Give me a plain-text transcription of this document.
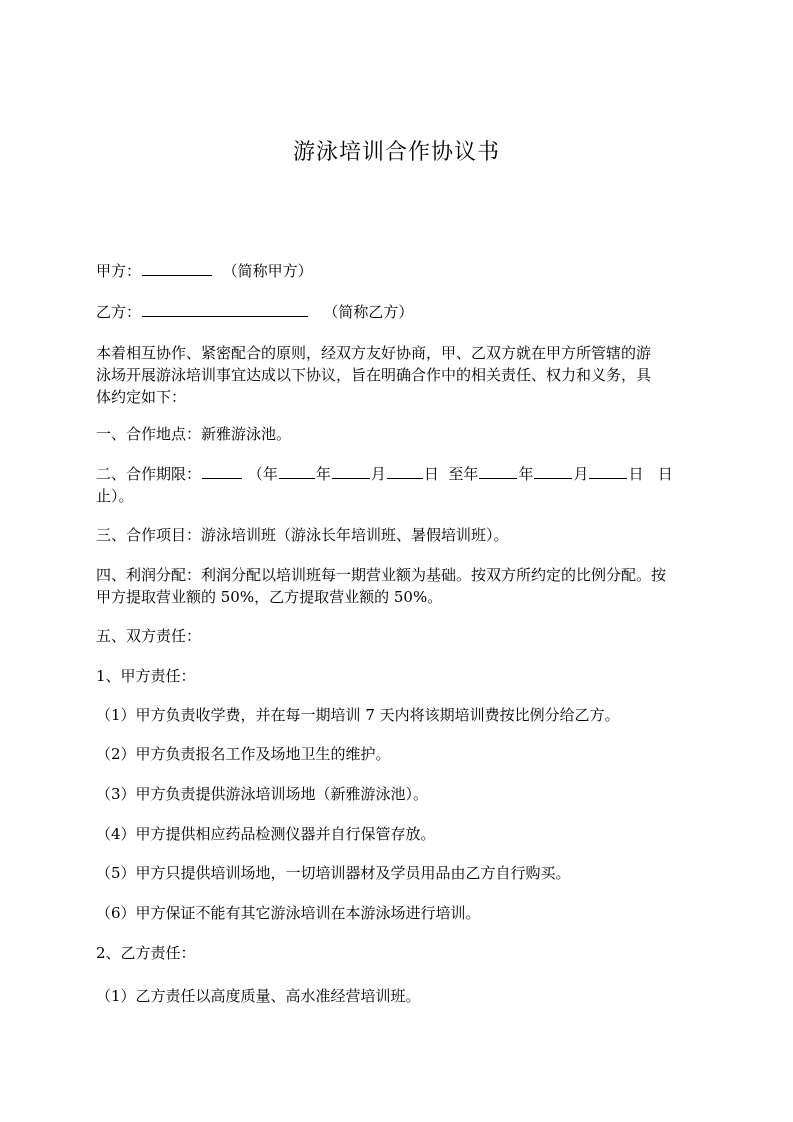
游泳培训合作协议书
甲方：	（简称甲方）
乙方：	（简称乙方）
本着相互协作、紧密配合的原则，经双方友好协商，甲、乙双方就在甲方所管辖的游
泳场开展游泳培训事宜达成以下协议，旨在明确合作中的相关责任、权力和义务，具
体约定如下：
一、合作地点：新雅游泳池。
二、合作期限：	（年	年	月	日 至年	年	月	日 日
止）。
三、合作项目：游泳培训班（游泳长年培训班、暑假培训班）。
四、利润分配：利润分配以培训班每一期营业额为基础。按双方所约定的比例分配。按
甲方提取营业额的 50%，乙方提取营业额的 50%。
五、双方责任：
1、甲方责任：
（1）甲方负责收学费，并在每一期培训 7 天内将该期培训费按比例分给乙方。
（2）甲方负责报名工作及场地卫生的维护。
（3）甲方负责提供游泳培训场地（新雅游泳池）。
（4）甲方提供相应药品检测仪器并自行保管存放。
（5）甲方只提供培训场地，一切培训器材及学员用品由乙方自行购买。
（6）甲方保证不能有其它游泳培训在本游泳场进行培训。
2、乙方责任：
（1）乙方责任以高度质量、高水准经营培训班。
